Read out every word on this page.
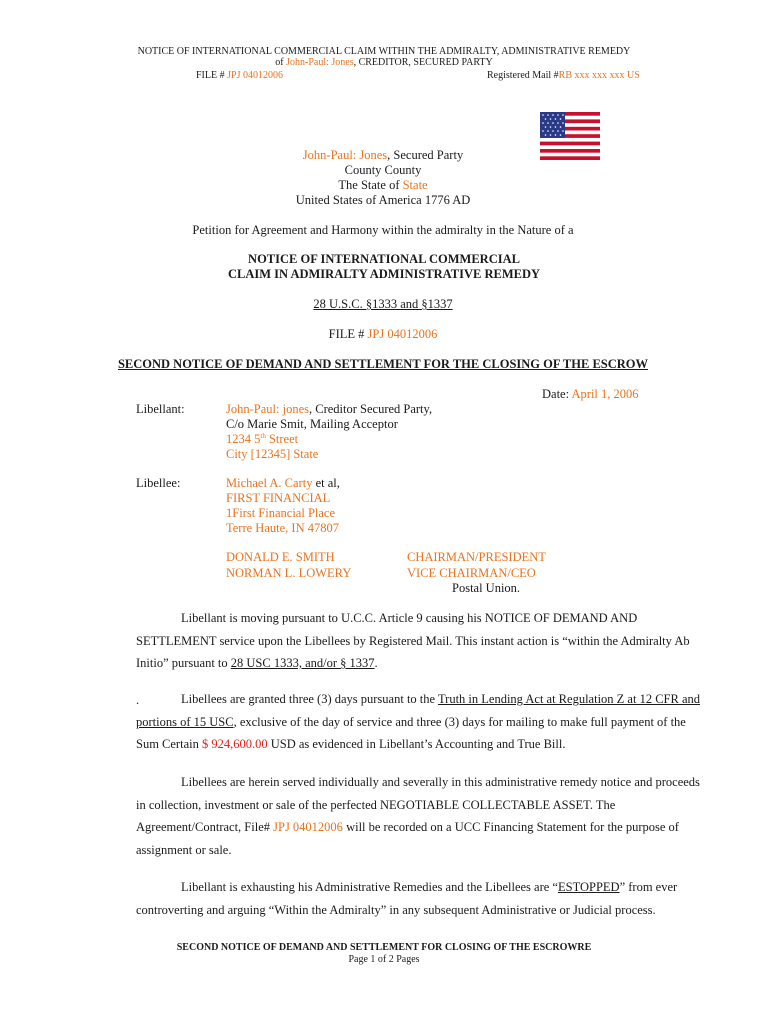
NOTICE OF INTERNATIONAL COMMERCIAL CLAIM WITHIN THE ADMIRALTY, ADMINISTRATIVE REMEDY
of John-Paul: Jones, CREDITOR, SECURED PARTY
FILE # JPJ 04012006	Registered Mail #RB xxx xxx xxx US
John-Paul: Jones, Secured Party
County County
The State of State
United States of America 1776 AD
Petition for Agreement and Harmony within the admiralty in the Nature of a
NOTICE OF INTERNATIONAL COMMERCIAL
CLAIM IN ADMIRALTY ADMINISTRATIVE REMEDY
28 U.S.C. §1333 and §1337
FILE # JPJ 04012006
SECOND NOTICE OF DEMAND AND SETTLEMENT FOR THE CLOSING OF THE ESCROW
Date: April 1, 2006
Libellant:	John-Paul: jones, Creditor Secured Party,
C/o Marie Smit, Mailing Acceptor
1234 5th Street
City [12345] State
Libellee:	Michael A. Carty et al,
FIRST FINANCIAL
1First Financial Place
Terre Haute, IN 47807
DONALD E. SMITH	CHAIRMAN/PRESIDENT
NORMAN L. LOWERY	VICE CHAIRMAN/CEO
Postal Union.
Libellant is moving pursuant to U.C.C. Article 9 causing his NOTICE OF DEMAND AND SETTLEMENT service upon the Libellees by Registered Mail. This instant action is “within the Admiralty Ab Initio” pursuant to 28 USC 1333, and/or § 1337.
.	Libellees are granted three (3) days pursuant to the Truth in Lending Act at Regulation Z at 12 CFR and portions of 15 USC, exclusive of the day of service and three (3) days for mailing to make full payment of the Sum Certain $ 924,600.00 USD as evidenced in Libellant’s Accounting and True Bill.
Libellees are herein served individually and severally in this administrative remedy notice and proceeds in collection, investment or sale of the perfected NEGOTIABLE COLLECTABLE ASSET. The Agreement/Contract, File# JPJ 04012006 will be recorded on a UCC Financing Statement for the purpose of assignment or sale.
Libellant is exhausting his Administrative Remedies and the Libellees are “ESTOPPED” from ever controverting and arguing “Within the Admiralty” in any subsequent Administrative or Judicial process.
SECOND NOTICE OF DEMAND AND SETTLEMENT FOR CLOSING OF THE ESCROWRE
Page 1 of 2 Pages
